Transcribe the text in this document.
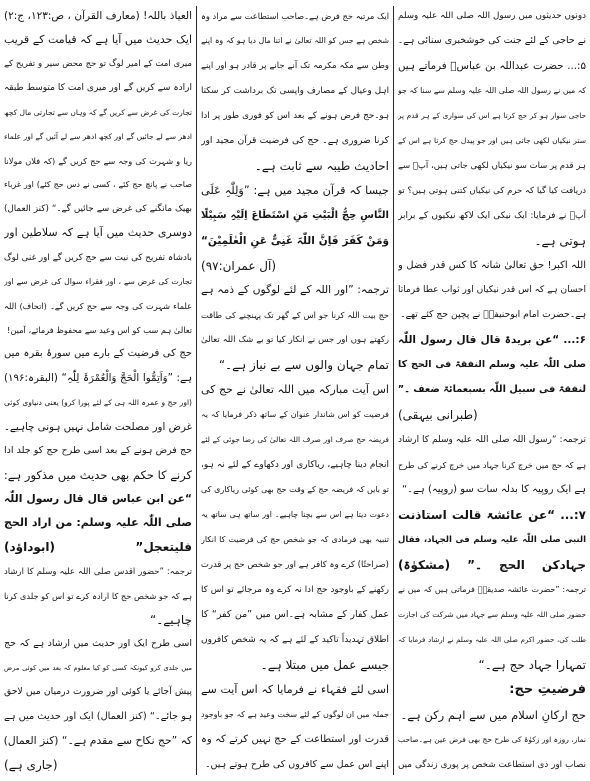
دونوں حدیثوں میں رسول اللہ صلی اللہ علیہ وسلم
نے حاجی کے لئے جنت کی خوشخبری سنائی ہے۔
۵:... حضرت عبداللہ بن عباسؓ فرماتے ہیں
کہ میں نے رسول اللہ صلی اللہ علیہ وسلم سے سنا کہ جو
حاجی سوار ہو کر حج کرتا ہے اس کی سواری کے ہر قدم پر
ستر نیکیاں لکھی جاتی ہیں اور جو پیدل حج کرتا ہے اس کے
ہر قدم پر سات سو نیکیاں لکھی جاتی ہیں، آپؐ سے
دریافت کیا گیا کہ حرم کی نیکیاں کتنی ہوتی ہیں؟ تو
آپؐ نے فرمایا: ایک نیکی ایک لاکھ نیکیوں کے برابر
ہوتی ہے۔
اللہ اکبر! حق تعالیٰ شانہ کا کس قدر فضل و
احسان ہے کہ اس قدر نیکیاں اور ثواب عطا فرماتا
ہے۔حضرت امام ابوحنیفہؒ نے پچپن حج کئے تھے۔
۶:... “عن بریدۃ قال قال رسول اللّٰہ
صلی اللّٰہ علیہ وسلم النفقۃ فی الحج کا
لنفقۃ فی سبیل اللّٰہ بسبعمائۃ ضعف ۔”
(طبرانی بیہقی)
ترجمہ: ”رسول اللہ صلی اللہ علیہ وسلم کا ارشاد
ہے کہ حج میں خرچ کرنا جہاد میں خرچ کرنے کی طرح
ہے ایک روپیہ کا بدلہ سات سو (روپیہ) ہے۔“
۷:... “عن عائشۃ قالت استاذنت
النبی صلی اللّٰہ علیہ وسلم فی الجہاد، فقال
جہادکن الحج ۔” (مشکوٰۃ)
ترجمہ: ”حضرت عائشہ صدیقہؓ فرماتی ہیں کہ میں نے
حضور صلی اللہ علیہ وسلم سے جہاد میں شرکت کی اجازت
طلب کی، حضور اکرم صلی اللہ علیہ وسلم نے ارشاد فرمایا کہ
تمہارا جہاد حج ہے۔“
فرضیتِ حج:
حج ارکانِ اسلام میں سے اہم رکن ہے۔
نماز، روزہ اور زکوٰۃ کی طرح حج بھی فرض عین ہے۔صاحب
نصاب اور ذی استطاعت شخص پر پوری زندگی میں
ایک مرتبہ حج فرض ہے۔صاحب استطاعت سے مراد وہ
شخص ہے جس کو اللہ تعالیٰ نے اتنا مال دیا ہو کہ وہ اپنے
وطن سے مکہ مکرمہ تک آنے جانے پر قادر ہو اور اپنے
اہل وعیال کے مصارف واپسی تک برداشت کر سکتا
ہو۔حج فرض ہونے کے بعد اس کو فوری طور پر ادا
کرنا ضروری ہے۔ حج کی فرضیت قرآن مجید اور
احادیث طیبہ سے ثابت ہے۔
جیسا کہ قرآن مجید میں ہے: ”وَلِلّٰہِ عَلَی
النَّاسِ حِجُّ الْبَیْتِ مَنِ اسْتَطَاعَ اِلَیْہِ سَبِیْلًا
وَمَنْ کَفَرَ فَاِنَّ اللّٰہَ غَنِیٌّ عَنِ الْعٰلَمِیْنَ“
(آل عمران:۹۷)
ترجمہ: ”اور اللہ کے لئے لوگوں کے ذمہ ہے
حج بیت اللہ کرنا جو اس کے گھر تک پہنچنے کی طاقت
رکھتے ہوں اور جس نے انکار کیا تو بے شک اللہ تعالیٰ
تمام جہان والوں سے بے نیاز ہے۔“
اس آیت مبارکہ میں اللہ تعالیٰ نے حج کی
فرضیت کو اس شاندار عنوان کے ساتھ ذکر فرمایا کہ یہ
فریضہ حج صرف اور صرف اللہ تعالیٰ کی رضا جوئی کے لئے
انجام دینا چاہیے، ریاکاری اور دکھاوے کے لئے نہ ہو،
تو بایں کہ فریضہ حج کے وقت حج بھی کوئی ریاکاری کی
دعوت دیتا ہے اس سے بچنا چاہیے۔ اور ساتھ ہی ساتھ یہ
تنبیہ بھی فرمادی کہ جو شخص حج کی فرضیت کا انکار
(صراحتًا) کرے وہ کافر ہے اور جو شخص حج پر قدرت
رکھنے کے باوجود حج ادا نہ کرے وہ مرجائے تو اس کا
عمل کفار کے مشابہ ہے۔اس میں ”من کفر“ کا
اطلاق تہدیداً تاکید کے لئے ہے کہ یہ شخص کافروں
جیسے عمل میں مبتلا ہے۔
اسی لئے فقہاء نے فرمایا کہ اس آیت سے
جملہ میں ان لوگوں کے لئے سخت وعید ہے کہ جو باوجود
قدرت اور استطاعت کے حج نہیں کرتے کہ وہ
اپنے اس عمل سے کافروں کی طرح ہوتے ہیں۔
العیاذ باللہ! (معارف القرآن ، ص:۱۲۳، ج:۲)
ایک حدیث میں آیا ہے کہ قیامت کے قریب
میری امت کے امیر لوگ تو حج محض سیر و تفریح کے
ارادہ سے کریں گے اور میری امت کا متوسط طبقہ
تجارت کی غرض سے کریں گے کہ وہاں سے تجارتی مال کچھ
ادھر سے لے جائیں گے اور کچھ ادھر سے لے آئیں گے اور علماء
ریا و شہرت کی وجہ سے حج کریں گے (کہ فلاں مولانا
صاحب نے پانچ حج کئے ، کسی نے دس حج کئے) اور غرباء
بھیک مانگنے کی غرض سے جائیں گے۔“ (کنز العمال)
دوسری حدیث میں آیا ہے کہ سلاطین اور
بادشاہ تفریح کی نیت سے حج کریں گے اور غنی لوگ
تجارت کی غرض سے ، اور فقراء سوال کی غرض سے اور
علماء شہرت کی وجہ سے حج کریں گے۔ (اتحاف) اللہ
تعالیٰ ہم سب کو اس وعید سے محفوظ فرمائے، آمین!
حج کی فرضیت کے بارے میں سورۂ بقرہ میں
ہے: ”وَاَتِمُّوا الْحَجَّ وَالْعُمْرَۃَ لِلّٰہِ“ (البقرہ:۱۹۶)
(اور حج و عمرہ اللہ ہی کے لئے پورا کرو) یعنی دنیاوی کوئی
غرض اور مصلحت شامل نہیں ہونی چاہیے۔
حج فرض ہونے کے بعد اسی طرح حج کو جلد ادا
کرنے کا حکم بھی حدیث میں مذکور ہے:
“عن ابن عباس قال قال رسول اللّٰہ
صلی اللّٰہ علیہ وسلم: من اراد الحج
فلیتعجل” (ابوداؤد)
ترجمہ: ”حضور اقدس صلی اللہ علیہ وسلم کا ارشاد
ہے کہ جو شخص حج کا ارادہ کرے تو اس کو جلدی کرنا
چاہیے۔“
اسی طرح ایک اور حدیث میں ارشاد ہے کہ حج
میں جلدی کرو کیونکہ کسی کو کیا معلوم کہ بعد میں کوئی مرض
پیش آجائے یا کوئی اور ضرورت درمیان میں لاحق
ہو جائے۔“ (کنز العمال) ایک اور حدیث میں ہے
کہ ”حج نکاح سے مقدم ہے۔“ (کنز العمال)
(جاری ہے)
